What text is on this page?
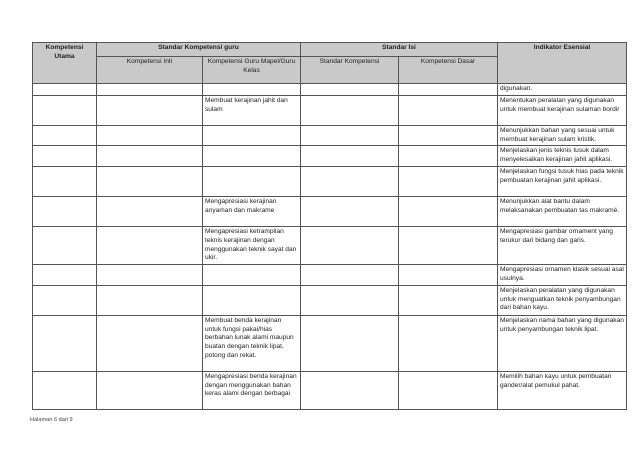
Kompetensi Utama	Standar Kompetensi guru		Standar Isi		Indikator Esensial
	Kompetensi Inti	Kompetensi Guru Mapel/Guru Kelas	Standar Kompetensi	Kompetensi Dasar	
					digunakan.
		Membuat kerajinan jahit dan sulam			Menentukan peralatan yang digunakan untuk membuat kerajinan sulaman bordir
					Menunjukkan bahan yang sesuai untuk membuat kerajinan sulam kristik.
					Menjelaskan jenis teknis tusuk dalam menyelesaikan kerajinan jahit aplikasi.
					Menjelaskan fungsi tusuk hias pada teknik pembuatan kerajinan jahit aplikasi.
		Mengapresiasi kerajinan anyaman dan makrame			Menunjukkan alat bantu dalam melaksanakan pembuatan tas makramé.
		Mengapresiasi ketrampilan teknis kerajinan dengan menggunakan teknik sayat dan ukir.			Mengapresiasi gambar ornament yang terukur dari bidang dan garis.
					Mengapresiasi ornamen klasik sesuai asal usulnya.
					Menjelaskan peralatan yang digunakan untuk menguatkan teknik penyambungan dari bahan kayu.
		Membuat benda kerajinan untuk fungsi pakai/hias berbahan lunak alami maupun buatan dengan teknik lipat, potong dan rekat.			Menjelaskan nama bahan yang digunakan untuk penyambungan teknik lipat.
		Mengapresiasi benda kerajinan dengan menggunakan bahan keras alami dengan berbagai			Memilih bahan kayu untuk pembuatan gander/alat pemukul pahat.
Halaman 6 dari 9
